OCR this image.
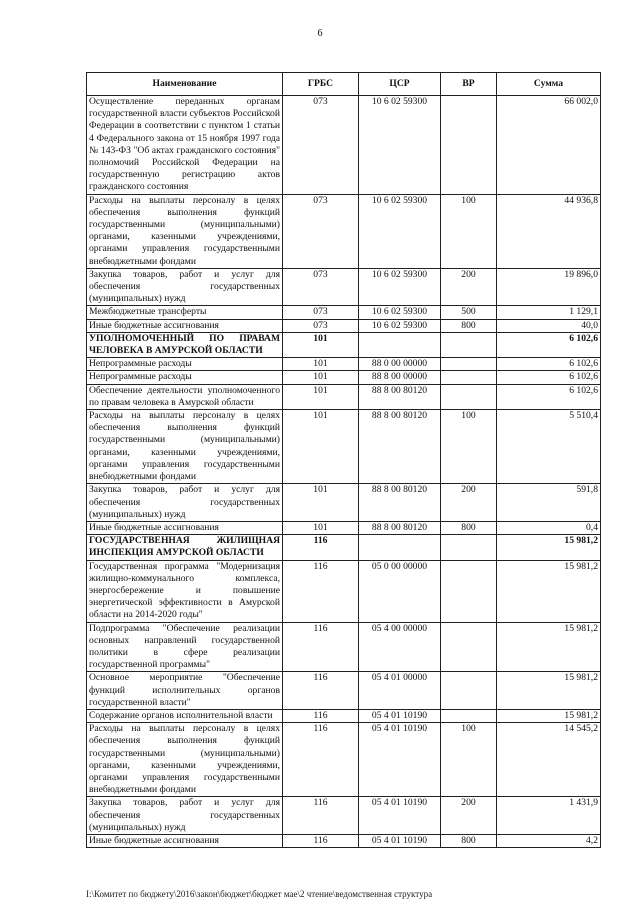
6
Наименование	ГРБС	ЦСР	ВР	Сумма
Осуществление переданных органам государственной власти субъектов Российской Федерации в соответствии с пунктом 1 статьи 4 Федерального закона от 15 ноября 1997 года № 143-ФЗ "Об актах гражданского состояния" полномочий Российской Федерации на государственную регистрацию актов гражданского состояния	073	10 6 02 59300		66 002,0
Расходы на выплаты персоналу в целях обеспечения выполнения функций государственными (муниципальными) органами, казенными учреждениями, органами управления государственными внебюджетными фондами	073	10 6 02 59300	100	44 936,8
Закупка товаров, работ и услуг для обеспечения государственных (муниципальных) нужд	073	10 6 02 59300	200	19 896,0
Межбюджетные трансферты	073	10 6 02 59300	500	1 129,1
Иные бюджетные ассигнования	073	10 6 02 59300	800	40,0
УПОЛНОМОЧЕННЫЙ ПО ПРАВАМ ЧЕЛОВЕКА В АМУРСКОЙ ОБЛАСТИ	101			6 102,6
Непрограммные расходы	101	88 0 00 00000		6 102,6
Непрограммные расходы	101	88 8 00 00000		6 102,6
Обеспечение деятельности уполномоченного по правам человека в Амурской области	101	88 8 00 80120		6 102,6
Расходы на выплаты персоналу в целях обеспечения выполнения функций государственными (муниципальными) органами, казенными учреждениями, органами управления государственными внебюджетными фондами	101	88 8 00 80120	100	5 510,4
Закупка товаров, работ и услуг для обеспечения государственных (муниципальных) нужд	101	88 8 00 80120	200	591,8
Иные бюджетные ассигнования	101	88 8 00 80120	800	0,4
ГОСУДАРСТВЕННАЯ ЖИЛИЩНАЯ ИНСПЕКЦИЯ АМУРСКОЙ ОБЛАСТИ	116			15 981,2
Государственная программа "Модернизация жилищно-коммунального комплекса, энергосбережение и повышение энергетической эффективности в Амурской области на 2014-2020 годы"	116	05 0 00 00000		15 981,2
Подпрограмма "Обеспечение реализации основных направлений государственной политики в сфере реализации государственной программы"	116	05 4 00 00000		15 981,2
Основное мероприятие "Обеспечение функций исполнительных органов государственной власти"	116	05 4 01 00000		15 981,2
Содержание органов исполнительной власти	116	05 4 01 10190		15 981,2
Расходы на выплаты персоналу в целях обеспечения выполнения функций государственными (муниципальными) органами, казенными учреждениями, органами управления государственными внебюджетными фондами	116	05 4 01 10190	100	14 545,2
Закупка товаров, работ и услуг для обеспечения государственных (муниципальных) нужд	116	05 4 01 10190	200	1 431,9
Иные бюджетные ассигнования	116	05 4 01 10190	800	4,2
I:\Комитет по бюджету\2016\закон\бюджет\бюджет мае\2 чтение\ведомственная структура
